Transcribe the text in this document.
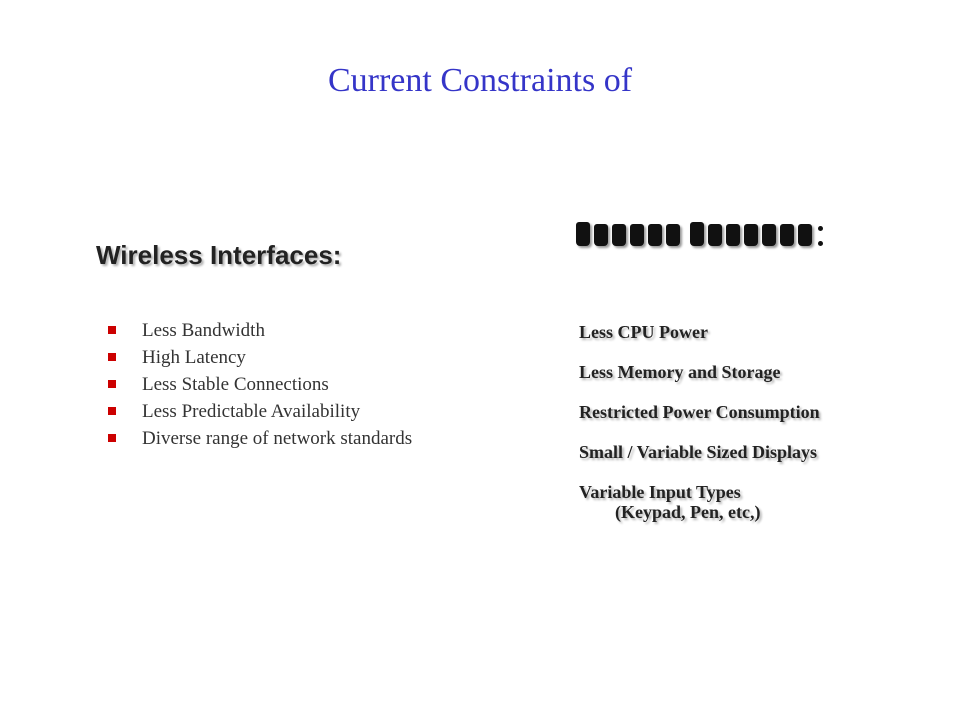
Current Constraints of
Wireless Interfaces:
Less Bandwidth
High Latency
Less Stable Connections
Less Predictable Availability
Diverse range of network standards
Less CPU Power
Less Memory and Storage
Restricted Power Consumption
Small / Variable Sized Displays
Variable Input Types
(Keypad, Pen, etc,)
